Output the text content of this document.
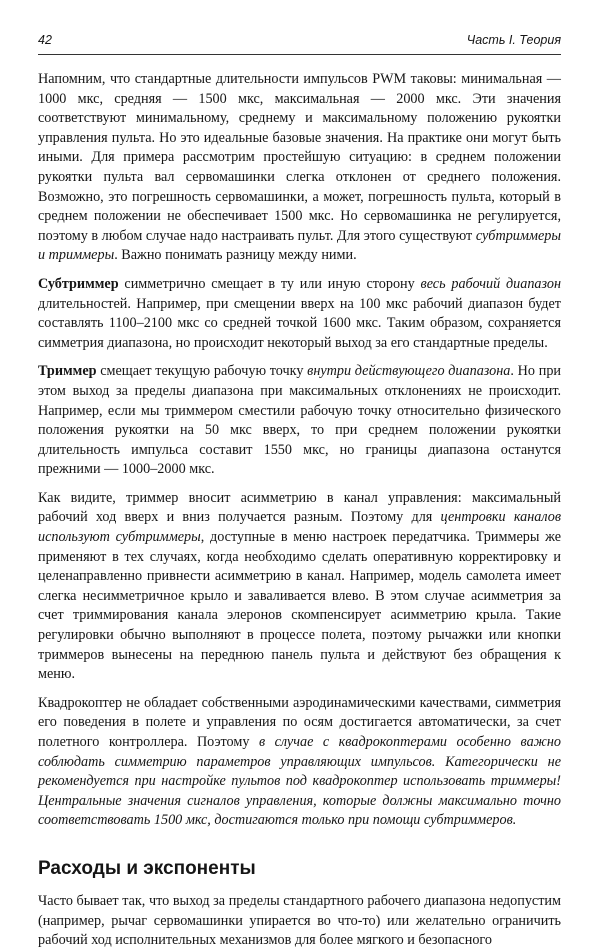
42	Часть I. Теория

Напомним, что стандартные длительности импульсов PWM таковы: минимальная — 1000 мкс, средняя — 1500 мкс, максимальная — 2000 мкс. Эти значения соответствуют минимальному, среднему и максимальному положению рукоятки управления пульта. Но это идеальные базовые значения. На практике они могут быть иными. Для примера рассмотрим простейшую ситуацию: в среднем положении рукоятки пульта вал сервомашинки слегка отклонен от среднего положения. Возможно, это погрешность сервомашинки, а может, погрешность пульта, который в среднем положении не обеспечивает 1500 мкс. Но сервомашинка не регулируется, поэтому в любом случае надо настраивать пульт. Для этого существуют субтриммеры и триммеры. Важно понимать разницу между ними.

Субтриммер симметрично смещает в ту или иную сторону весь рабочий диапазон длительностей. Например, при смещении вверх на 100 мкс рабочий диапазон будет составлять 1100–2100 мкс со средней точкой 1600 мкс. Таким образом, сохраняется симметрия диапазона, но происходит некоторый выход за его стандартные пределы.

Триммер смещает текущую рабочую точку внутри действующего диапазона. Но при этом выход за пределы диапазона при максимальных отклонениях не происходит. Например, если мы триммером сместили рабочую точку относительно физического положения рукоятки на 50 мкс вверх, то при среднем положении рукоятки длительность импульса составит 1550 мкс, но границы диапазона останутся прежними — 1000–2000 мкс.

Как видите, триммер вносит асимметрию в канал управления: максимальный рабочий ход вверх и вниз получается разным. Поэтому для центровки каналов используют субтриммеры, доступные в меню настроек передатчика. Триммеры же применяют в тех случаях, когда необходимо сделать оперативную корректировку и целенаправленно привнести асимметрию в канал. Например, модель самолета имеет слегка несимметричное крыло и заваливается влево. В этом случае асимметрия за счет триммирования канала элеронов скомпенсирует асимметрию крыла. Такие регулировки обычно выполняют в процессе полета, поэтому рычажки или кнопки триммеров вынесены на переднюю панель пульта и действуют без обращения к меню.

Квадрокоптер не обладает собственными аэродинамическими качествами, симметрия его поведения в полете и управления по осям достигается автоматически, за счет полетного контроллера. Поэтому в случае с квадрокоптерами особенно важно соблюдать симметрию параметров управляющих импульсов. Категорически не рекомендуется при настройке пультов под квадрокоптер использовать триммеры! Центральные значения сигналов управления, которые должны максимально точно соответствовать 1500 мкс, достигаются только при помощи субтриммеров.

Расходы и экспоненты

Часто бывает так, что выход за пределы стандартного рабочего диапазона недопустим (например, рычаг сервомашинки упирается во что-то) или желательно ограничить рабочий ход исполнительных механизмов для более мягкого и безопасного
